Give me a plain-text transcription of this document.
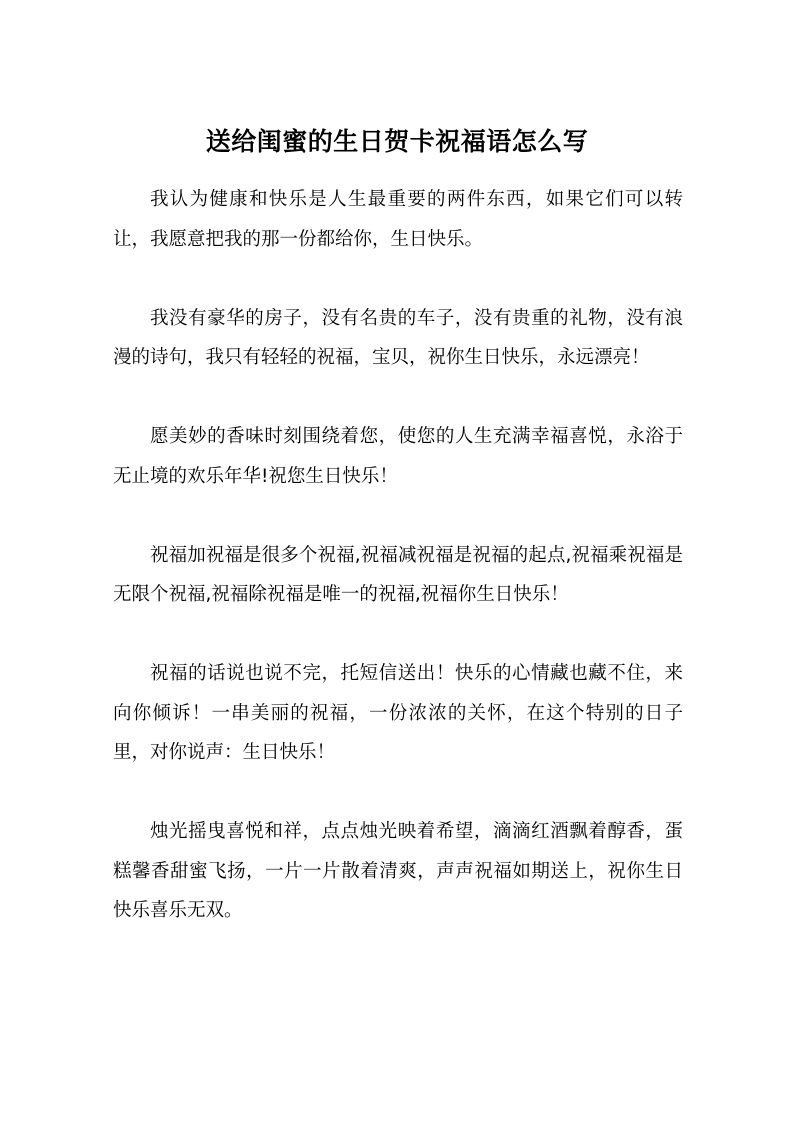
送给闺蜜的生日贺卡祝福语怎么写

我认为健康和快乐是人生最重要的两件东西，如果它们可以转让，我愿意把我的那一份都给你，生日快乐。

我没有豪华的房子，没有名贵的车子，没有贵重的礼物，没有浪漫的诗句，我只有轻轻的祝福，宝贝，祝你生日快乐，永远漂亮！

愿美妙的香味时刻围绕着您，使您的人生充满幸福喜悦，永浴于无止境的欢乐年华!祝您生日快乐！

祝福加祝福是很多个祝福,祝福减祝福是祝福的起点,祝福乘祝福是无限个祝福,祝福除祝福是唯一的祝福,祝福你生日快乐！

祝福的话说也说不完，托短信送出！快乐的心情藏也藏不住，来向你倾诉！一串美丽的祝福，一份浓浓的关怀，在这个特别的日子里，对你说声：生日快乐！

烛光摇曳喜悦和祥，点点烛光映着希望，滴滴红酒飘着醇香，蛋糕馨香甜蜜飞扬，一片一片散着清爽，声声祝福如期送上，祝你生日快乐喜乐无双。
